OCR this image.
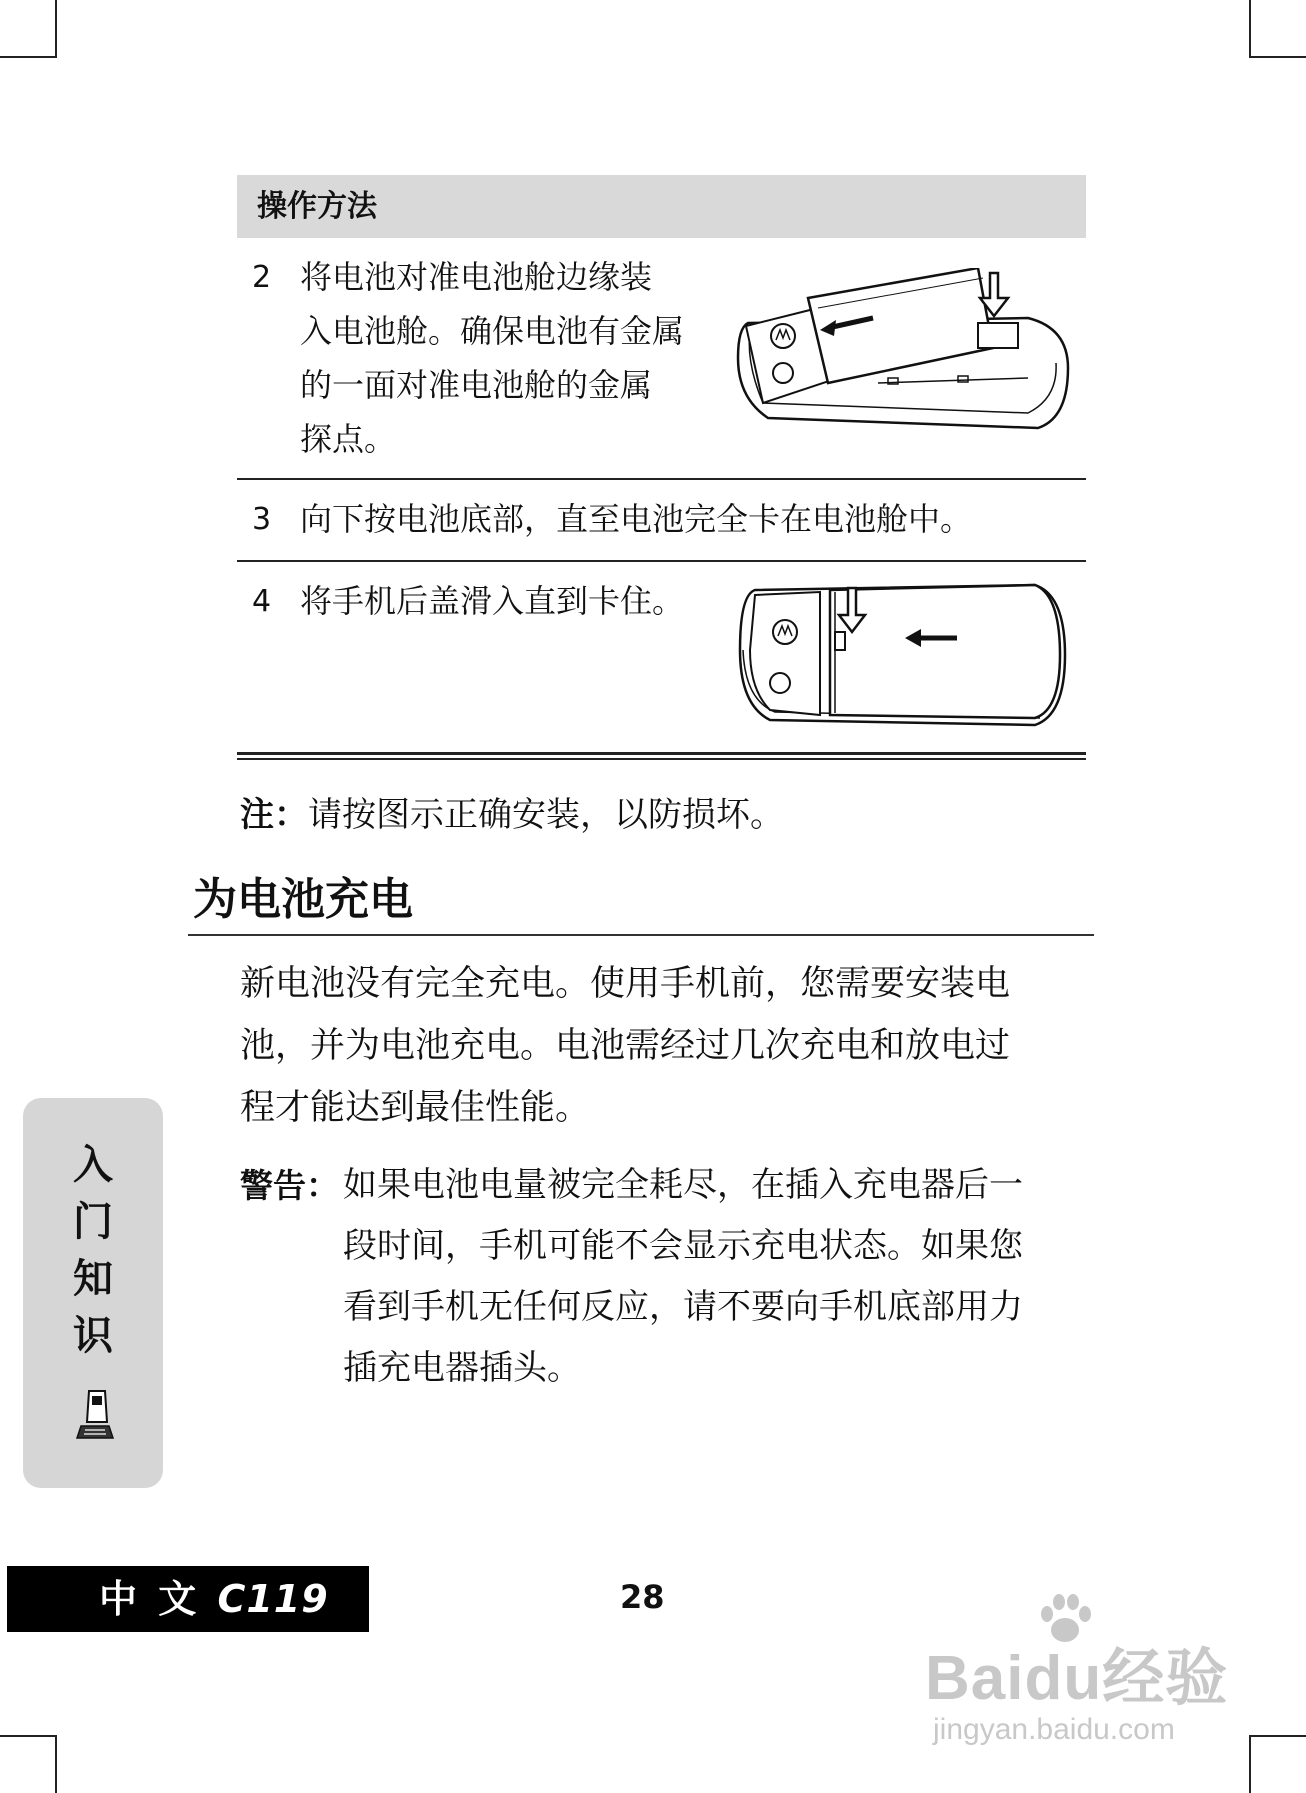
操作方法
2 将电池对准电池舱边缘装
入电池舱。确保电池有金属
的一面对准电池舱的金属
探点。
3 向下按电池底部，直至电池完全卡在电池舱中。
4 将手机后盖滑入直到卡住。
注：请按图示正确安装，以防损坏。
为电池充电
新电池没有完全充电。使用手机前，您需要安装电
池，并为电池充电。电池需经过几次充电和放电过
程才能达到最佳性能。
警告： 如果电池电量被完全耗尽，在插入充电器后一
段时间，手机可能不会显示充电状态。如果您
看到手机无任何反应，请不要向手机底部用力
插充电器插头。
入
门
知
识
中 文 C119	28
Baidu经验
jingyan.baidu.com
